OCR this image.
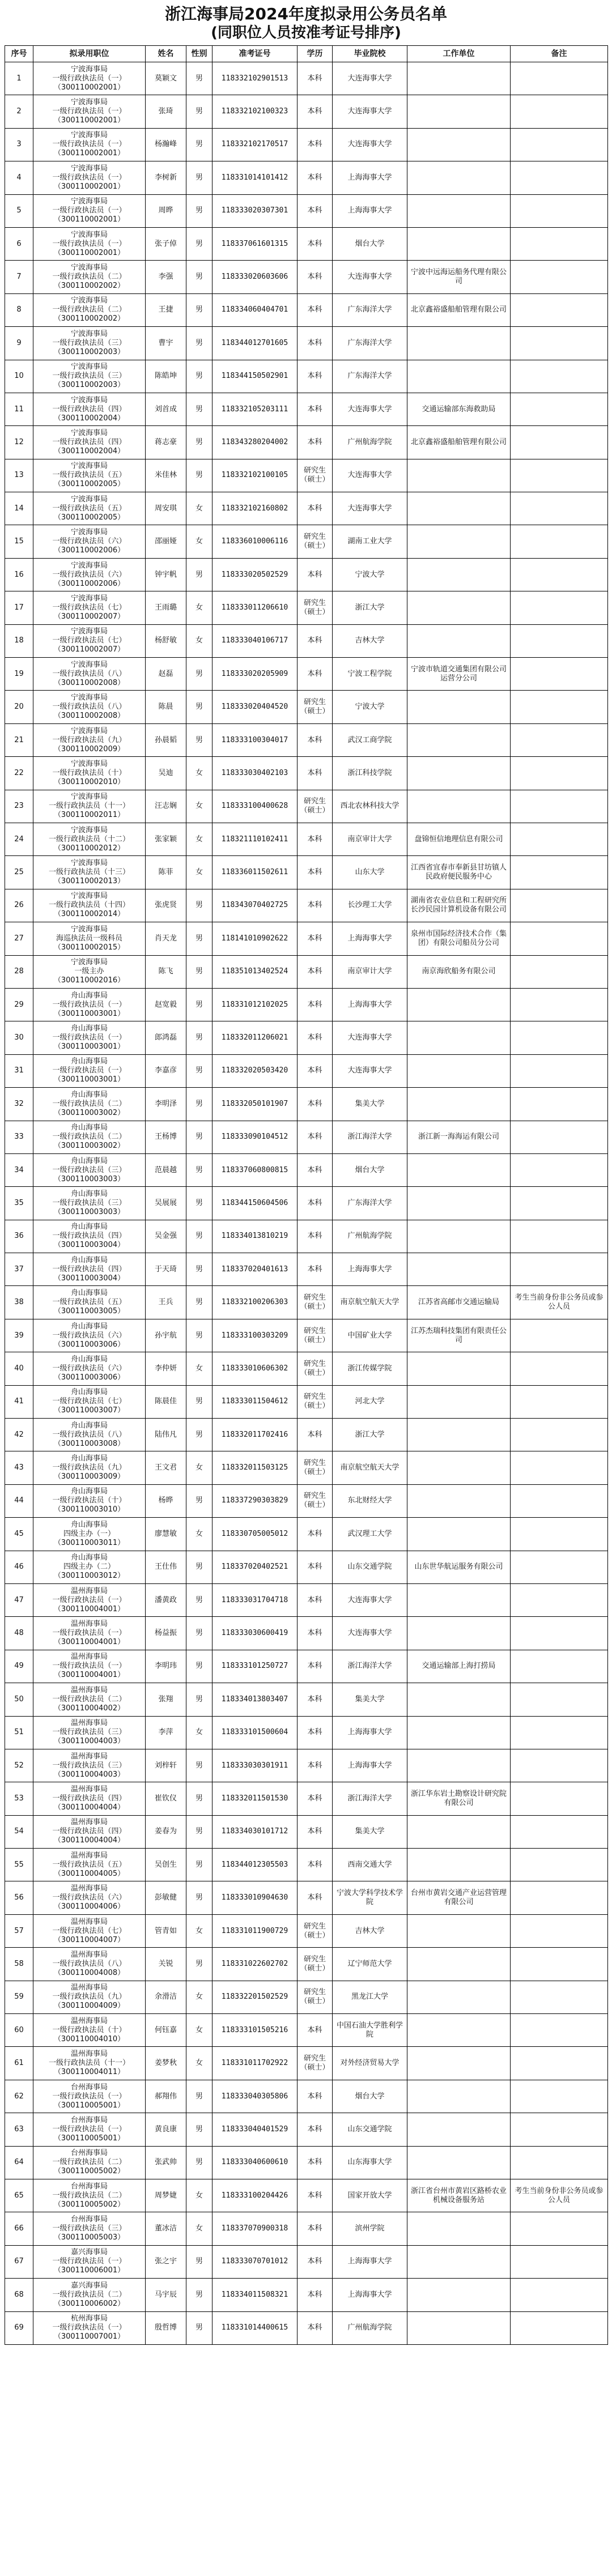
浙江海事局2024年度拟录用公务员名单
(同职位人员按准考证号排序)
序号	拟录用职位	姓名	性别	准考证号	学历	毕业院校	工作单位	备注
1	宁波海事局
一级行政执法员（一）
（300110002001）	莫颖文	男	118332102901513	本科	大连海事大学		
2	宁波海事局
一级行政执法员（一）
（300110002001）	张琦	男	118332102100323	本科	大连海事大学		
3	宁波海事局
一级行政执法员（一）
（300110002001）	杨瀚峰	男	118332102170517	本科	大连海事大学		
4	宁波海事局
一级行政执法员（一）
（300110002001）	李树新	男	118331014101412	本科	上海海事大学		
5	宁波海事局
一级行政执法员（一）
（300110002001）	周晔	男	118333020307301	本科	上海海事大学		
6	宁波海事局
一级行政执法员（一）
（300110002001）	张子倬	男	118337061601315	本科	烟台大学		
7	宁波海事局
一级行政执法员（二）
（300110002002）	李强	男	118333020603606	本科	大连海事大学	宁波中远海运船务代理有限公司	
8	宁波海事局
一级行政执法员（二）
（300110002002）	王捷	男	118334060404701	本科	广东海洋大学	北京鑫裕盛船舶管理有限公司	
9	宁波海事局
一级行政执法员（三）
（300110002003）	曹宇	男	118344012701605	本科	广东海洋大学		
10	宁波海事局
一级行政执法员（三）
（300110002003）	陈皓坤	男	118344150502901	本科	广东海洋大学		
11	宁波海事局
一级行政执法员（四）
（300110002004）	刘首成	男	118332105203111	本科	大连海事大学	交通运输部东海救助局	
12	宁波海事局
一级行政执法员（四）
（300110002004）	蒋志豪	男	118343280204002	本科	广州航海学院	北京鑫裕盛船舶管理有限公司	
13	宁波海事局
一级行政执法员（五）
（300110002005）	米佳林	男	118332102100105	研究生（硕士）	大连海事大学		
14	宁波海事局
一级行政执法员（五）
（300110002005）	周安琪	女	118332102160802	本科	大连海事大学		
15	宁波海事局
一级行政执法员（六）
（300110002006）	邵丽娅	女	118336010006116	研究生（硕士）	湖南工业大学		
16	宁波海事局
一级行政执法员（六）
（300110002006）	钟宇帆	男	118333020502529	本科	宁波大学		
17	宁波海事局
一级行政执法员（七）
（300110002007）	王雨璐	女	118333011206610	研究生（硕士）	浙江大学		
18	宁波海事局
一级行政执法员（七）
（300110002007）	杨舒敏	女	118333040106717	本科	吉林大学		
19	宁波海事局
一级行政执法员（八）
（300110002008）	赵磊	男	118333020205909	本科	宁波工程学院	宁波市轨道交通集团有限公司运营分公司	
20	宁波海事局
一级行政执法员（八）
（300110002008）	陈晨	男	118333020404520	研究生（硕士）	宁波大学		
21	宁波海事局
一级行政执法员（九）
（300110002009）	孙晨韬	男	118333100304017	本科	武汉工商学院		
22	宁波海事局
一级行政执法员（十）
（300110002010）	吴迪	女	118333030402103	本科	浙江科技学院		
23	宁波海事局
一级行政执法员（十一）
（300110002011）	汪志娴	女	118333100400628	研究生（硕士）	西北农林科技大学		
24	宁波海事局
一级行政执法员（十二）
（300110002012）	张家颖	女	118321110102411	本科	南京审计大学	盘锦恒信地理信息有限公司	
25	宁波海事局
一级行政执法员（十三）
（300110002013）	陈菲	女	118336011502611	本科	山东大学	江西省宜春市奉新县甘坊镇人民政府便民服务中心	
26	宁波海事局
一级行政执法员（十四）
（300110002014）	张虎贤	男	118343070402725	本科	长沙理工大学	湖南省农业信息和工程研究所长沙民园计算机设备有限公司	
27	宁波海事局
海巡执法员一级科员
（300110002015）	肖天龙	男	118141010902622	本科	上海海事大学	泉州市国际经济技术合作（集团）有限公司船员分公司	
28	宁波海事局
一级主办
（300110002016）	陈飞	男	118351013402524	本科	南京审计大学	南京海欣船务有限公司	
29	舟山海事局
一级行政执法员（一）
（300110003001）	赵宽毅	男	118331012102025	本科	上海海事大学		
30	舟山海事局
一级行政执法员（一）
（300110003001）	郎鸿磊	男	118332011206021	本科	大连海事大学		
31	舟山海事局
一级行政执法员（一）
（300110003001）	李嘉彦	男	118332020503420	本科	大连海事大学		
32	舟山海事局
一级行政执法员（二）
（300110003002）	李明泽	男	118332050101907	本科	集美大学		
33	舟山海事局
一级行政执法员（二）
（300110003002）	王杨博	男	118333090104512	本科	浙江海洋大学	浙江新一海海运有限公司	
34	舟山海事局
一级行政执法员（三）
（300110003003）	范晨越	男	118337060800815	本科	烟台大学		
35	舟山海事局
一级行政执法员（三）
（300110003003）	吴展展	男	118344150604506	本科	广东海洋大学		
36	舟山海事局
一级行政执法员（四）
（300110003004）	吴金强	男	118334013810219	本科	广州航海学院		
37	舟山海事局
一级行政执法员（四）
（300110003004）	于天琦	男	118337020401613	本科	上海海事大学		
38	舟山海事局
一级行政执法员（五）
（300110003005）	王兵	男	118332100206303	研究生（硕士）	南京航空航天大学	江苏省高邮市交通运输局	考生当前身份非公务员或参公人员
39	舟山海事局
一级行政执法员（六）
（300110003006）	孙宇航	男	118333100303209	研究生（硕士）	中国矿业大学	江苏杰瑞科技集团有限责任公司	
40	舟山海事局
一级行政执法员（六）
（300110003006）	李仲妍	女	118333010606302	研究生（硕士）	浙江传媒学院		
41	舟山海事局
一级行政执法员（七）
（300110003007）	陈晨佳	男	118333011504612	研究生（硕士）	河北大学		
42	舟山海事局
一级行政执法员（八）
（300110003008）	陆伟凡	男	118332011702416	本科	浙江大学		
43	舟山海事局
一级行政执法员（九）
（300110003009）	王文君	女	118332011503125	研究生（硕士）	南京航空航天大学		
44	舟山海事局
一级行政执法员（十）
（300110003010）	杨晔	男	118337290303829	研究生（硕士）	东北财经大学		
45	舟山海事局
四级主办（一）
（300110003011）	廖慧敏	女	118330705005012	本科	武汉理工大学		
46	舟山海事局
四级主办（二）
（300110003012）	王仕伟	男	118337020402521	本科	山东交通学院	山东世华航运服务有限公司	
47	温州海事局
一级行政执法员（一）
（300110004001）	潘黄政	男	118333031704718	本科	大连海事大学		
48	温州海事局
一级行政执法员（一）
（300110004001）	杨益振	男	118333030600419	本科	大连海事大学		
49	温州海事局
一级行政执法员（一）
（300110004001）	李明玮	男	118333101250727	本科	浙江海洋大学	交通运输部上海打捞局	
50	温州海事局
一级行政执法员（二）
（300110004002）	张翔	男	118334013803407	本科	集美大学		
51	温州海事局
一级行政执法员（三）
（300110004003）	李萍	女	118333101500604	本科	上海海事大学		
52	温州海事局
一级行政执法员（三）
（300110004003）	刘梓轩	男	118333030301911	本科	上海海事大学		
53	温州海事局
一级行政执法员（四）
（300110004004）	崔钦仪	男	118332011501530	本科	浙江海洋大学	浙江华东岩土勘察设计研究院有限公司	
54	温州海事局
一级行政执法员（四）
（300110004004）	姜春为	男	118334030101712	本科	集美大学		
55	温州海事局
一级行政执法员（五）
（300110004005）	吴创生	男	118344012305503	本科	西南交通大学		
56	温州海事局
一级行政执法员（六）
（300110004006）	彭敏健	男	118333010904630	本科	宁波大学科学技术学院	台州市黄岩交通产业运营管理有限公司	
57	温州海事局
一级行政执法员（七）
（300110004007）	管青如	女	118331011900729	研究生（硕士）	吉林大学		
58	温州海事局
一级行政执法员（八）
（300110004008）	关锐	男	118331022602702	研究生（硕士）	辽宁师范大学		
59	温州海事局
一级行政执法员（九）
（300110004009）	余滑洁	女	118332201502529	研究生（硕士）	黑龙江大学		
60	温州海事局
一级行政执法员（十）
（300110004010）	何钰嘉	女	118333101505216	本科	中国石油大学胜利学院		
61	温州海事局
一级行政执法员（十一）
（300110004011）	姜梦秋	女	118331011702922	研究生（硕士）	对外经济贸易大学		
62	台州海事局
一级行政执法员（一）
（300110005001）	郝翔伟	男	118333040305806	本科	烟台大学		
63	台州海事局
一级行政执法员（一）
（300110005001）	黄良康	男	118333040401529	本科	山东交通学院		
64	台州海事局
一级行政执法员（二）
（300110005002）	张武帅	男	118333040600610	本科	山东海事大学		
65	台州海事局
一级行政执法员（二）
（300110005002）	周梦婕	女	118333100204426	本科	国家开放大学	浙江省台州市黄岩区路桥农业机械设备服务站	考生当前身份非公务员或参公人员
66	台州海事局
一级行政执法员（三）
（300110005003）	董冰洁	女	118337070900318	本科	滨州学院		
67	嘉兴海事局
一级行政执法员（一）
（300110006001）	张之宇	男	118333070701012	本科	上海海事大学		
68	嘉兴海事局
一级行政执法员（二）
（300110006002）	马宇辰	男	118334011508321	本科	上海海事大学		
69	杭州海事局
一级行政执法员（一）
（300110007001）	殷哲博	男	118331014400615	本科	广州航海学院		
